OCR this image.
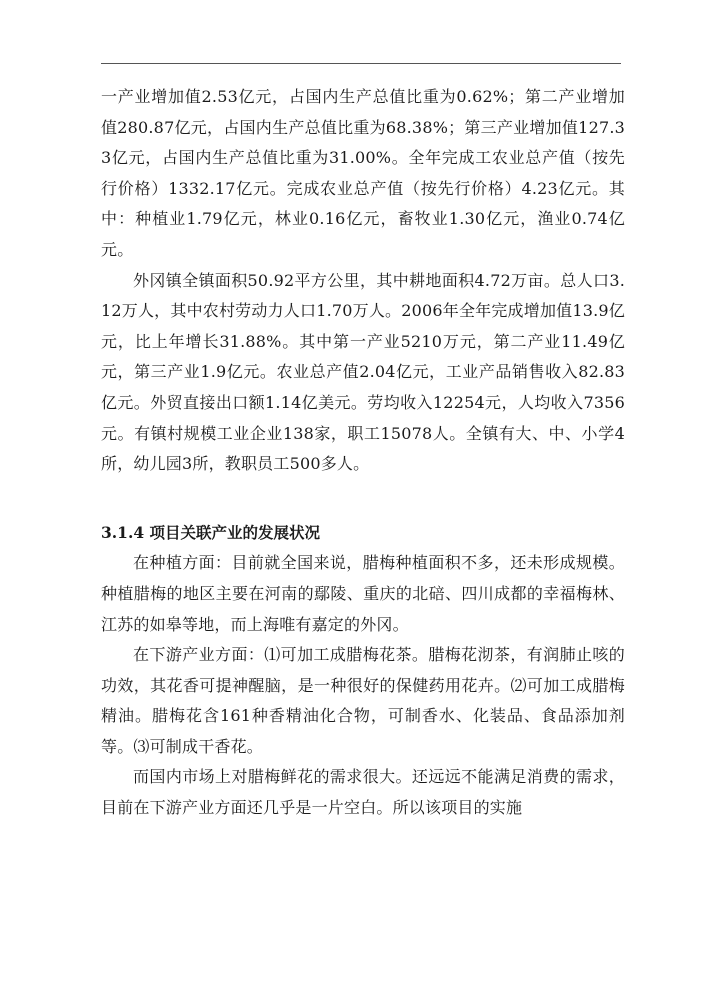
一产业增加值2.53亿元，占国内生产总值比重为0.62%；第二产业增加值280.87亿元，占国内生产总值比重为68.38%；第三产业增加值127.33亿元，占国内生产总值比重为31.00%。全年完成工农业总产值（按先行价格）1332.17亿元。完成农业总产值（按先行价格）4.23亿元。其中：种植业1.79亿元，林业0.16亿元，畜牧业1.30亿元，渔业0.74亿元。

外冈镇全镇面积50.92平方公里，其中耕地面积4.72万亩。总人口3.12万人，其中农村劳动力人口1.70万人。2006年全年完成增加值13.9亿元，比上年增长31.88%。其中第一产业5210万元，第二产业11.49亿元，第三产业1.9亿元。农业总产值2.04亿元，工业产品销售收入82.83亿元。外贸直接出口额1.14亿美元。劳均收入12254元，人均收入7356元。有镇村规模工业企业138家，职工15078人。全镇有大、中、小学4所，幼儿园3所，教职员工500多人。

3.1.4 项目关联产业的发展状况

在种植方面：目前就全国来说，腊梅种植面积不多，还未形成规模。种植腊梅的地区主要在河南的鄢陵、重庆的北碚、四川成都的幸福梅林、江苏的如皋等地，而上海唯有嘉定的外冈。

在下游产业方面：⑴可加工成腊梅花茶。腊梅花沏茶，有润肺止咳的功效，其花香可提神醒脑，是一种很好的保健药用花卉。⑵可加工成腊梅精油。腊梅花含161种香精油化合物，可制香水、化装品、食品添加剂等。⑶可制成干香花。

而国内市场上对腊梅鲜花的需求很大。还远远不能满足消费的需求，目前在下游产业方面还几乎是一片空白。所以该项目的实施
